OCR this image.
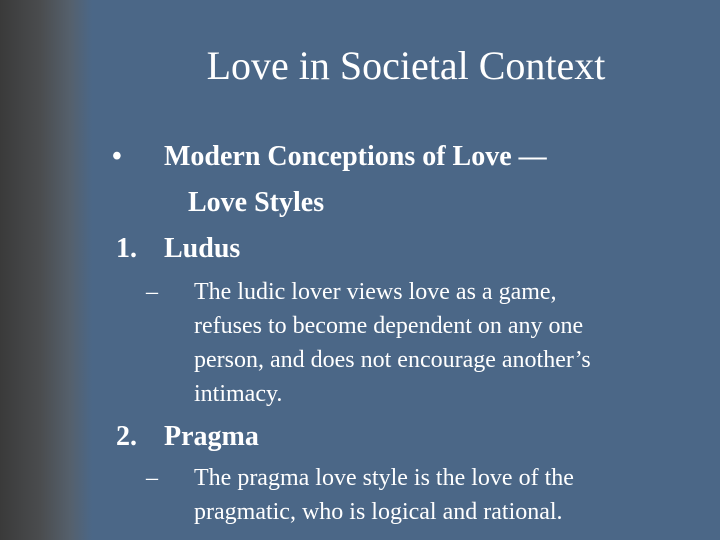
Love in Societal Context
• Modern Conceptions of Love —
Love Styles
1. Ludus
– The ludic lover views love as a game,
refuses to become dependent on any one
person, and does not encourage another’s
intimacy.
2. Pragma
– The pragma love style is the love of the
pragmatic, who is logical and rational.
